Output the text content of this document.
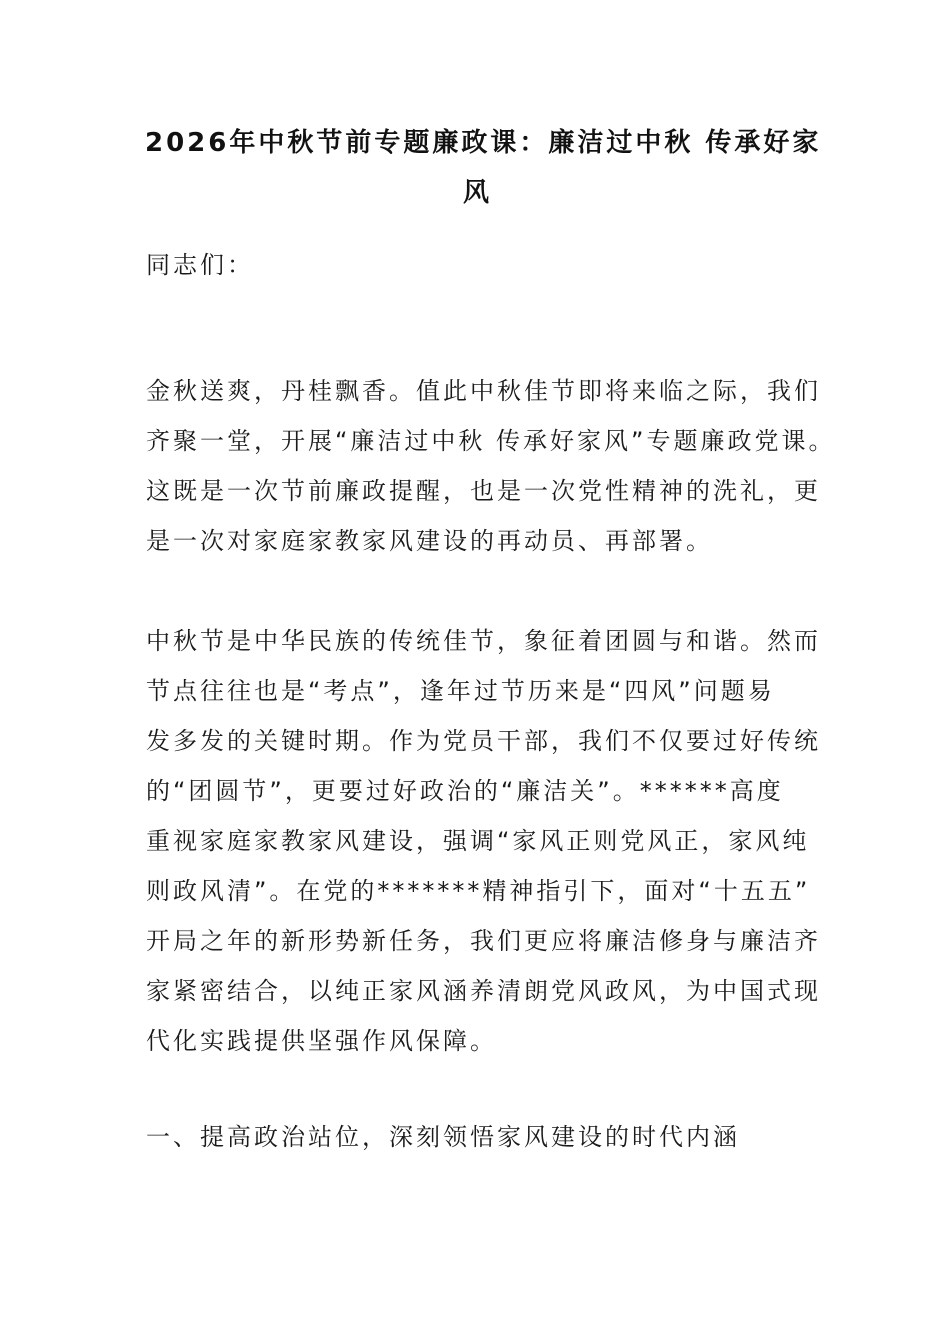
2026年中秋节前专题廉政课：廉洁过中秋 传承好家
风
同志们：
金秋送爽，丹桂飘香。值此中秋佳节即将来临之际，我们
齐聚一堂，开展“廉洁过中秋 传承好家风”专题廉政党课。
这既是一次节前廉政提醒，也是一次党性精神的洗礼，更
是一次对家庭家教家风建设的再动员、再部署。
中秋节是中华民族的传统佳节，象征着团圆与和谐。然而
节点往往也是“考点”，逢年过节历来是“四风”问题易
发多发的关键时期。作为党员干部，我们不仅要过好传统
的“团圆节”，更要过好政治的“廉洁关”。******高度
重视家庭家教家风建设，强调“家风正则党风正，家风纯
则政风清”。在党的*******精神指引下，面对“十五五”
开局之年的新形势新任务，我们更应将廉洁修身与廉洁齐
家紧密结合，以纯正家风涵养清朗党风政风，为中国式现
代化实践提供坚强作风保障。
一、提高政治站位，深刻领悟家风建设的时代内涵
